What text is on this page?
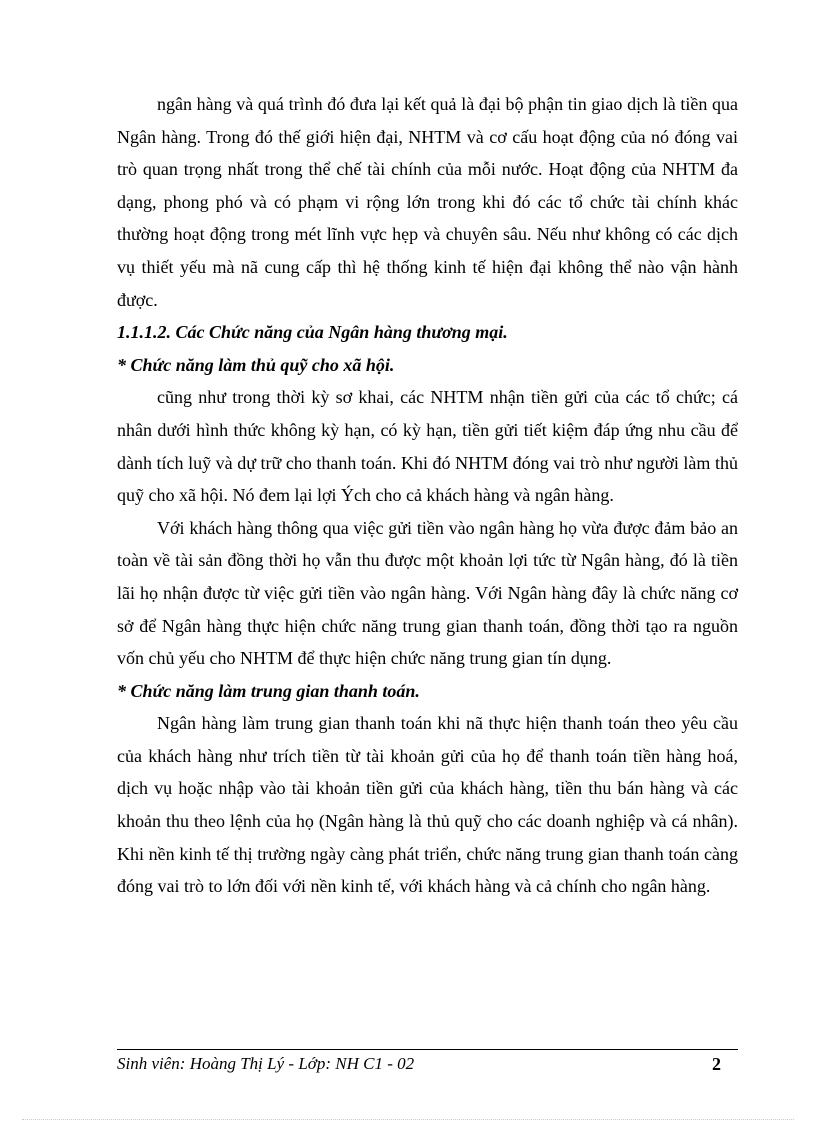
ngân hàng và quá trình đó đưa lại kết quả là đại bộ phận tin giao dịch là tiền qua Ngân hàng. Trong đó thế giới hiện đại, NHTM và cơ cấu hoạt động của nó đóng vai trò quan trọng nhất trong thể chế tài chính của mỗi nước. Hoạt động của NHTM đa dạng, phong phó và có phạm vi rộng lớn trong khi đó các tổ chức tài chính khác thường hoạt động trong mét lĩnh vực hẹp và chuyên sâu. Nếu như không có các dịch vụ thiết yếu mà nã cung cấp thì hệ thống kinh tế hiện đại không thể nào vận hành được.

1.1.1.2. Các Chức năng của Ngân hàng thương mại.

* Chức năng làm thủ quỹ cho xã hội.

cũng như trong thời kỳ sơ khai, các NHTM nhận tiền gửi của các tổ chức; cá nhân dưới hình thức không kỳ hạn, có kỳ hạn, tiền gửi tiết kiệm đáp ứng nhu cầu để dành tích luỹ và dự trữ cho thanh toán. Khi đó NHTM đóng vai trò như người làm thủ quỹ cho xã hội. Nó đem lại lợi Ých cho cả khách hàng và ngân hàng.

Với khách hàng thông qua việc gửi tiền vào ngân hàng họ vừa được đảm bảo an toàn về tài sản đồng thời họ vẫn thu được một khoản lợi tức từ Ngân hàng, đó là tiền lãi họ nhận được từ việc gửi tiền vào ngân hàng. Với Ngân hàng đây là chức năng cơ sở để Ngân hàng thực hiện chức năng trung gian thanh toán, đồng thời tạo ra nguồn vốn chủ yếu cho NHTM để thực hiện chức năng trung gian tín dụng.

* Chức năng làm trung gian thanh toán.

Ngân hàng làm trung gian thanh toán khi nã thực hiện thanh toán theo yêu cầu của khách hàng như trích tiền từ tài khoản gửi của họ để thanh toán tiền hàng hoá, dịch vụ hoặc nhập vào tài khoản tiền gửi của khách hàng, tiền thu bán hàng và các khoản thu theo lệnh của họ (Ngân hàng là thủ quỹ cho các doanh nghiệp và cá nhân). Khi nền kinh tế thị trường ngày càng phát triển, chức năng trung gian thanh toán càng đóng vai trò to lớn đối với nền kinh tế, với khách hàng và cả chính cho ngân hàng.

Sinh viên: Hoàng Thị Lý - Lớp: NH C1 - 02	2
